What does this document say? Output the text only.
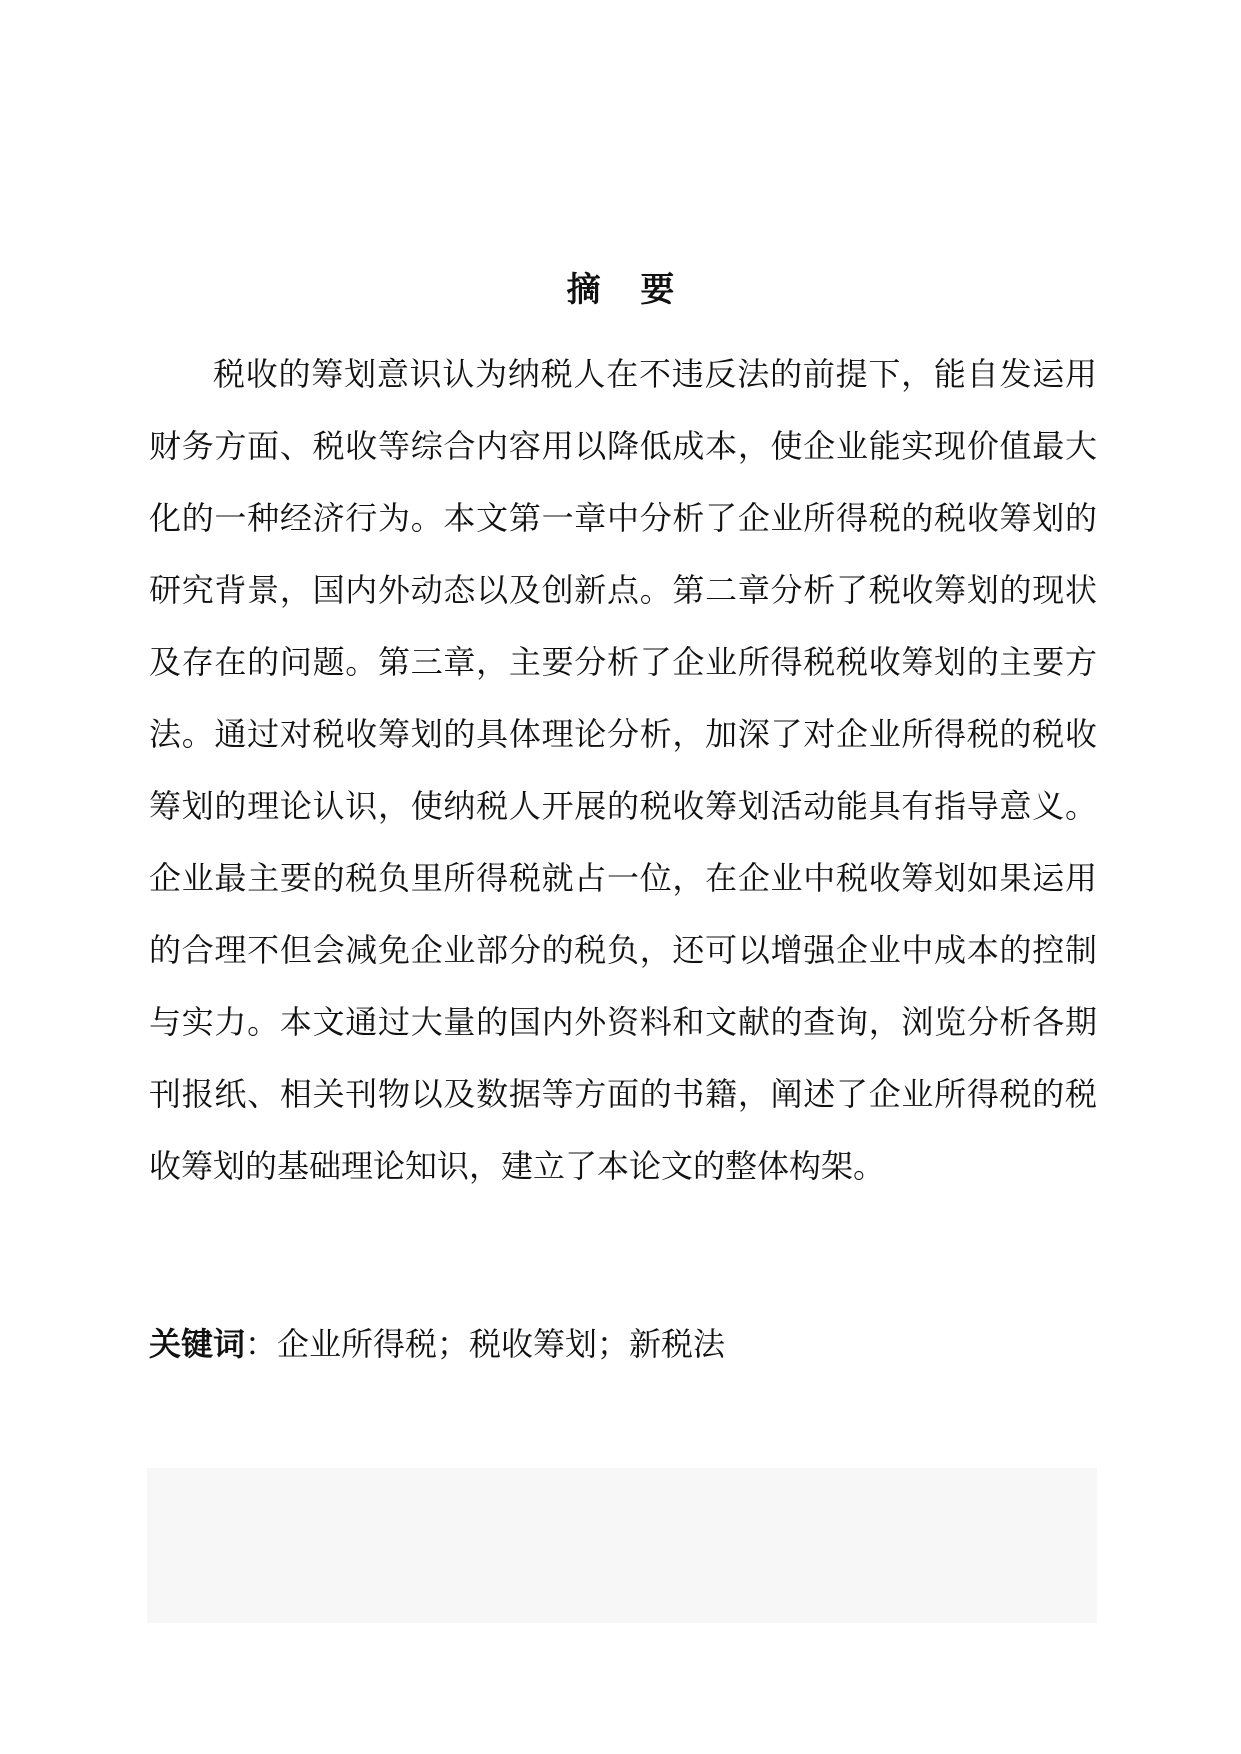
摘 要

税收的筹划意识认为纳税人在不违反法的前提下，能自发运用财务方面、税收等综合内容用以降低成本，使企业能实现价值最大化的一种经济行为。本文第一章中分析了企业所得税的税收筹划的研究背景，国内外动态以及创新点。第二章分析了税收筹划的现状及存在的问题。第三章，主要分析了企业所得税税收筹划的主要方法。通过对税收筹划的具体理论分析，加深了对企业所得税的税收筹划的理论认识，使纳税人开展的税收筹划活动能具有指导意义。企业最主要的税负里所得税就占一位，在企业中税收筹划如果运用的合理不但会减免企业部分的税负，还可以增强企业中成本的控制与实力。本文通过大量的国内外资料和文献的查询，浏览分析各期刊报纸、相关刊物以及数据等方面的书籍，阐述了企业所得税的税收筹划的基础理论知识，建立了本论文的整体构架。

关键词：企业所得税；税收筹划；新税法
